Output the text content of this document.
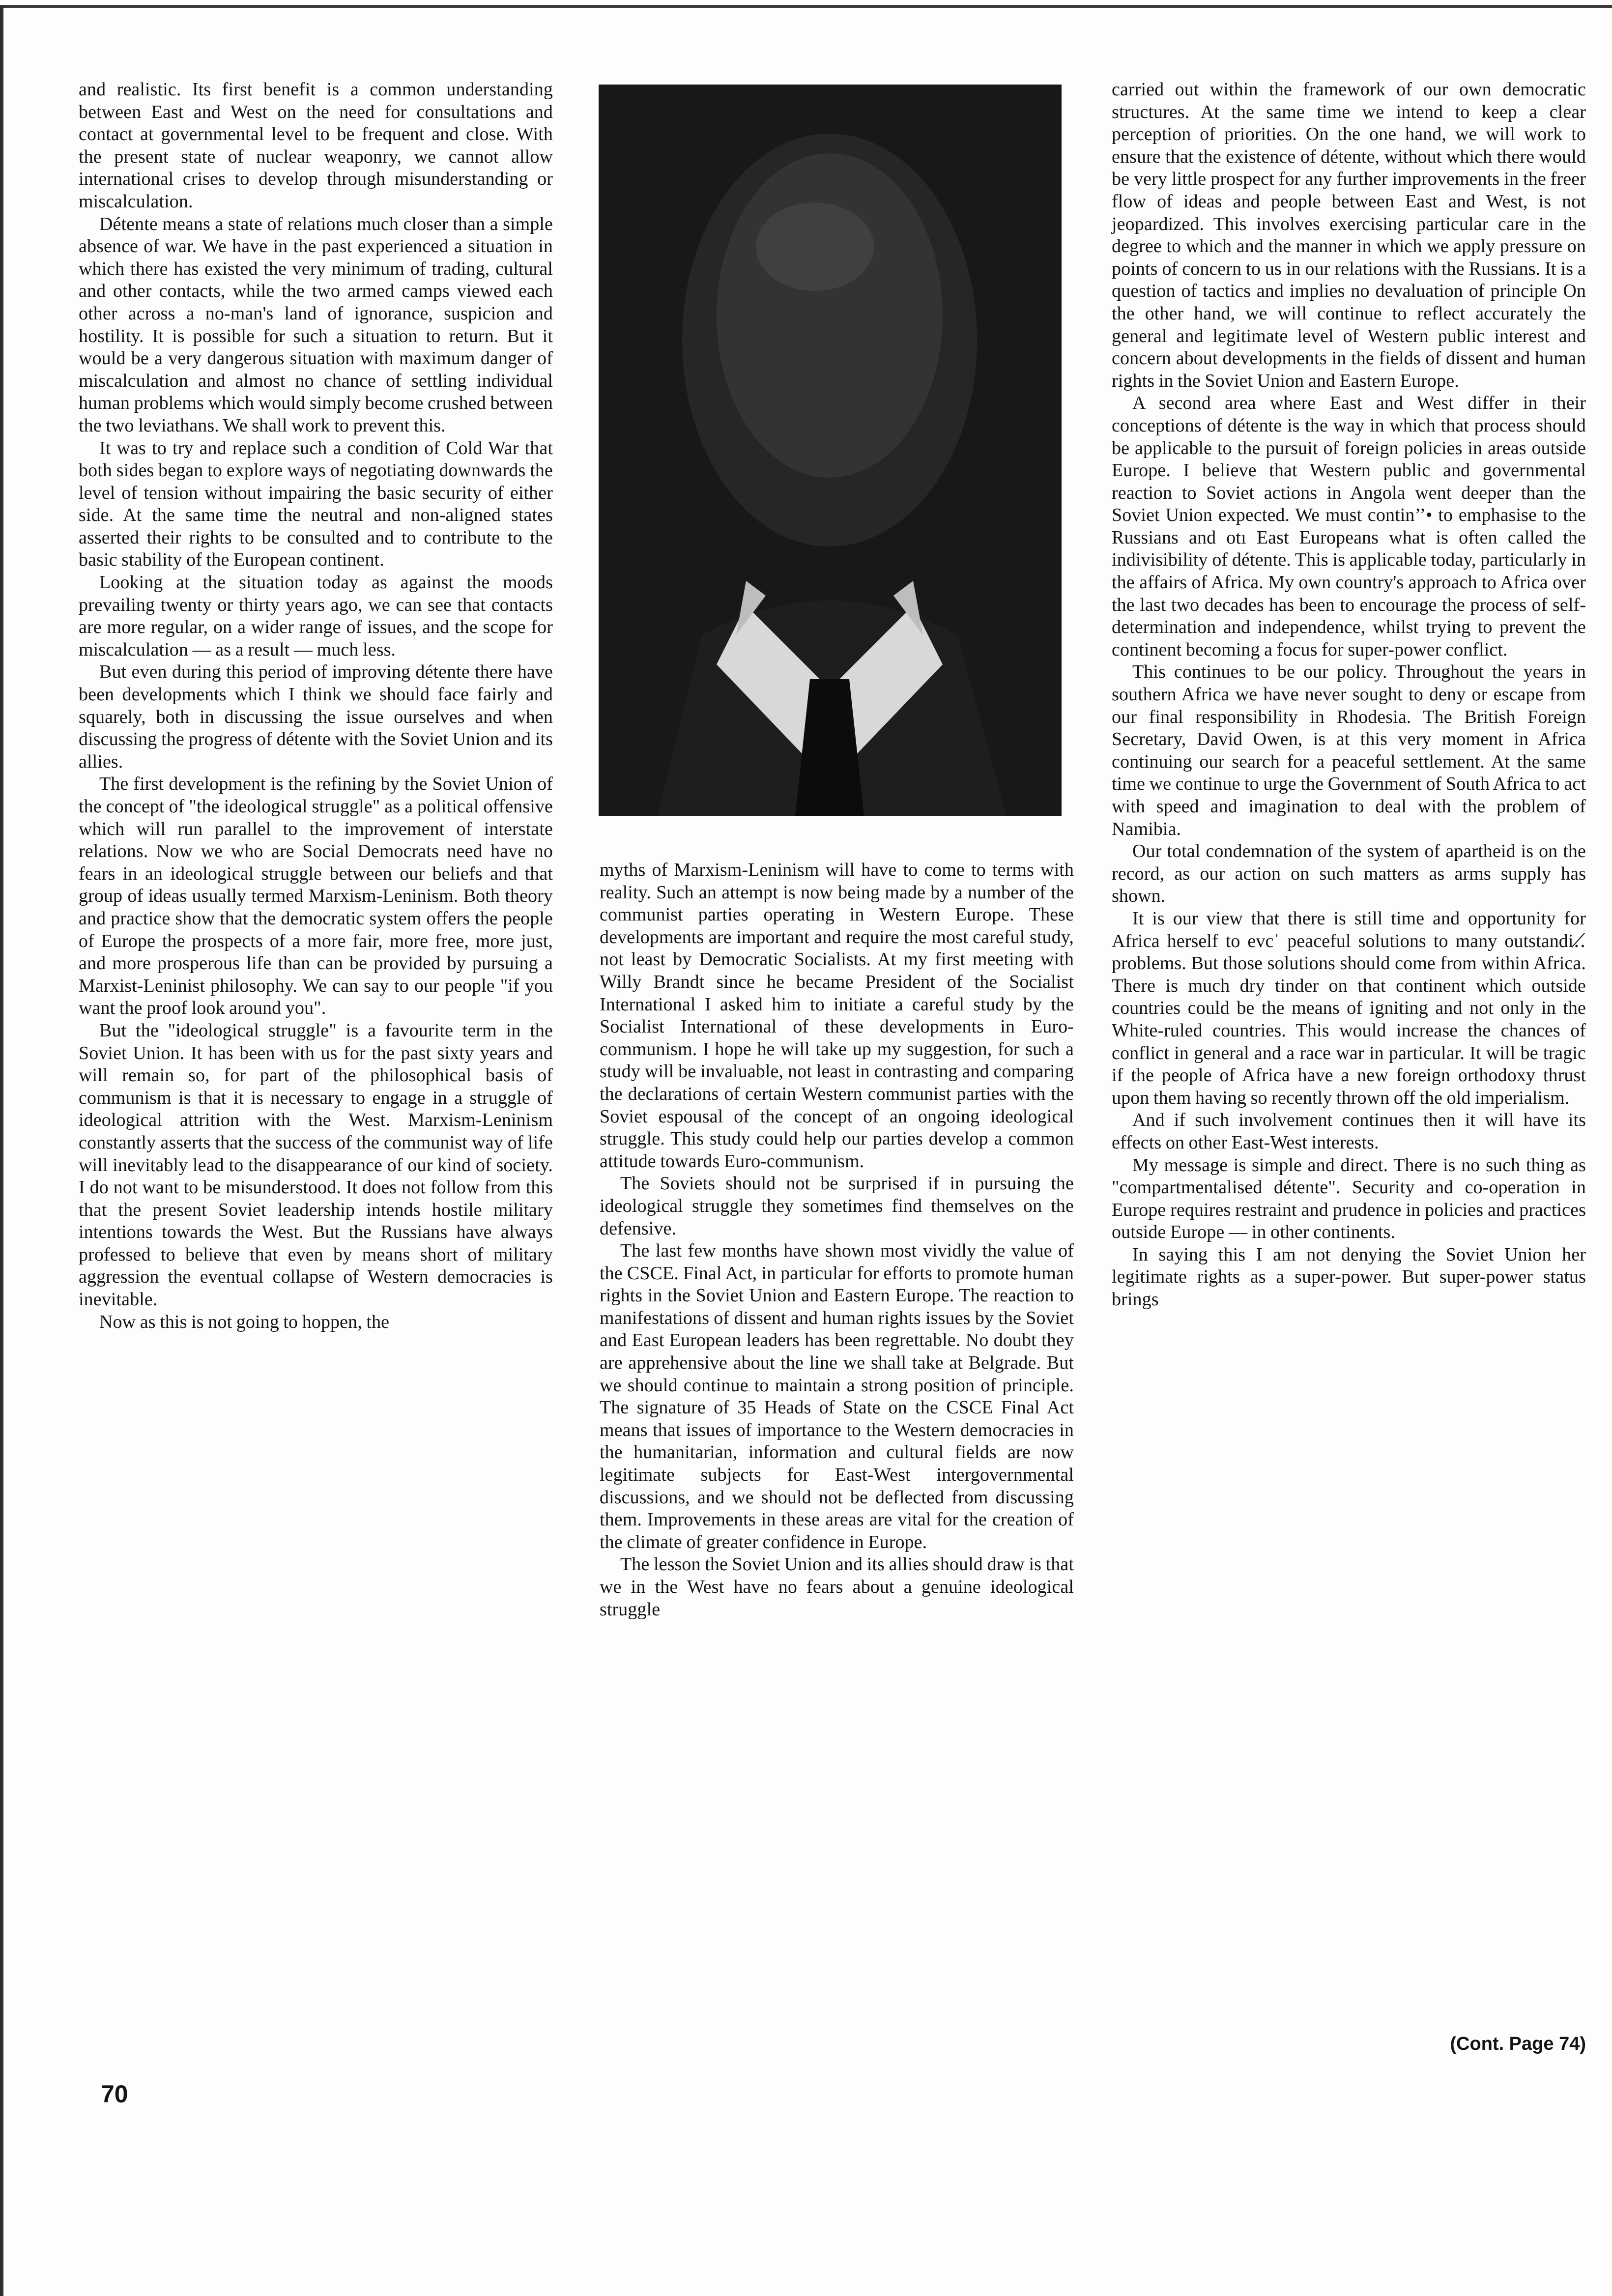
and realistic. Its first benefit is a common understanding between East and West on the need for consultations and contact at governmental level to be frequent and close. With the present state of nuclear weaponry, we cannot allow international crises to develop through misunderstanding or miscalculation.

Détente means a state of relations much closer than a simple absence of war. We have in the past experienced a situation in which there has existed the very minimum of trading, cultural and other contacts, while the two armed camps viewed each other across a no-man's land of ignorance, suspicion and hostility. It is possible for such a situation to return. But it would be a very dangerous situation with maximum danger of miscalculation and almost no chance of settling individual human problems which would simply become crushed between the two leviathans. We shall work to prevent this.

It was to try and replace such a condition of Cold War that both sides began to explore ways of negotiating downwards the level of tension without impairing the basic security of either side. At the same time the neutral and non-aligned states asserted their rights to be consulted and to contribute to the basic stability of the European continent.

Looking at the situation today as against the moods prevailing twenty or thirty years ago, we can see that contacts are more regular, on a wider range of issues, and the scope for miscalculation — as a result — much less.

But even during this period of improving détente there have been developments which I think we should face fairly and squarely, both in discussing the issue ourselves and when discussing the progress of détente with the Soviet Union and its allies.

The first development is the refining by the Soviet Union of the concept of "the ideological struggle" as a political offensive which will run parallel to the improvement of interstate relations. Now we who are Social Democrats need have no fears in an ideological struggle between our beliefs and that group of ideas usually termed Marxism-Leninism. Both theory and practice show that the democratic system offers the people of Europe the prospects of a more fair, more free, more just, and more prosperous life than can be provided by pursuing a Marxist-Leninist philosophy. We can say to our people "if you want the proof look around you".

But the "ideological struggle" is a favourite term in the Soviet Union. It has been with us for the past sixty years and will remain so, for part of the philosophical basis of communism is that it is necessary to engage in a struggle of ideological attrition with the West. Marxism-Leninism constantly asserts that the success of the communist way of life will inevitably lead to the disappearance of our kind of society. I do not want to be misunderstood. It does not follow from this that the present Soviet leadership intends hostile military intentions towards the West. But the Russians have always professed to believe that even by means short of military aggression the eventual collapse of Western democracies is inevitable.

Now as this is not going to hoppen, the

myths of Marxism-Leninism will have to come to terms with reality. Such an attempt is now being made by a number of the communist parties operating in Western Europe. These developments are important and require the most careful study, not least by Democratic Socialists. At my first meeting with Willy Brandt since he became President of the Socialist International I asked him to initiate a careful study by the Socialist International of these developments in Euro-communism. I hope he will take up my suggestion, for such a study will be invaluable, not least in contrasting and comparing the declarations of certain Western communist parties with the Soviet espousal of the concept of an ongoing ideological struggle. This study could help our parties develop a common attitude towards Euro-communism.

The Soviets should not be surprised if in pursuing the ideological struggle they sometimes find themselves on the defensive.

The last few months have shown most vividly the value of the CSCE. Final Act, in particular for efforts to promote human rights in the Soviet Union and Eastern Europe. The reaction to manifestations of dissent and human rights issues by the Soviet and East European leaders has been regrettable. No doubt they are apprehensive about the line we shall take at Belgrade. But we should continue to maintain a strong position of principle. The signature of 35 Heads of State on the CSCE Final Act means that issues of importance to the Western democracies in the humanitarian, information and cultural fields are now legitimate subjects for East-West intergovernmental discussions, and we should not be deflected from discussing them. Improvements in these areas are vital for the creation of the climate of greater confidence in Europe.

The lesson the Soviet Union and its allies should draw is that we in the West have no fears about a genuine ideological struggle

carried out within the framework of our own democratic structures. At the same time we intend to keep a clear perception of priorities. On the one hand, we will work to ensure that the existence of détente, without which there would be very little prospect for any further improvements in the freer flow of ideas and people between East and West, is not jeopardized. This involves exercising particular care in the degree to which and the manner in which we apply pressure on points of concern to us in our relations with the Russians. It is a question of tactics and implies no devaluation of principle On the other hand, we will continue to reflect accurately the general and legitimate level of Western public interest and concern about developments in the fields of dissent and human rights in the Soviet Union and Eastern Europe.

A second area where East and West differ in their conceptions of détente is the way in which that process should be applicable to the pursuit of foreign policies in areas outside Europe. I believe that Western public and governmental reaction to Soviet actions in Angola went deeper than the Soviet Union expected. We must contin’’• to emphasise to the Russians and otı East Europeans what is often called the indivisibility of détente. This is applicable today, particularly in the affairs of Africa. My own country's approach to Africa over the last two decades has been to encourage the process of self-determination and independence, whilst trying to prevent the continent becoming a focus for super-power conflict.

This continues to be our policy. Throughout the years in southern Africa we have never sought to deny or escape from our final responsibility in Rhodesia. The British Foreign Secretary, David Owen, is at this very moment in Africa continuing our search for a peaceful settlement. At the same time we continue to urge the Government of South Africa to act with speed and imagination to deal with the problem of Namibia.

Our total condemnation of the system of apartheid is on the record, as our action on such matters as arms supply has shown.

It is our view that there is still time and opportunity for Africa herself to evcˈ peaceful solutions to many outstandi‥̸ problems. But those solutions should come from within Africa. There is much dry tinder on that continent which outside countries could be the means of igniting and not only in the White-ruled countries. This would increase the chances of conflict in general and a race war in particular. It will be tragic if the people of Africa have a new foreign orthodoxy thrust upon them having so recently thrown off the old imperialism.

And if such involvement continues then it will have its effects on other East-West interests.

My message is simple and direct. There is no such thing as "compartmentalised détente". Security and co-operation in Europe requires restraint and prudence in policies and practices outside Europe — in other continents.

In saying this I am not denying the Soviet Union her legitimate rights as a super-power. But super-power status brings

(Cont. Page 74)
70
